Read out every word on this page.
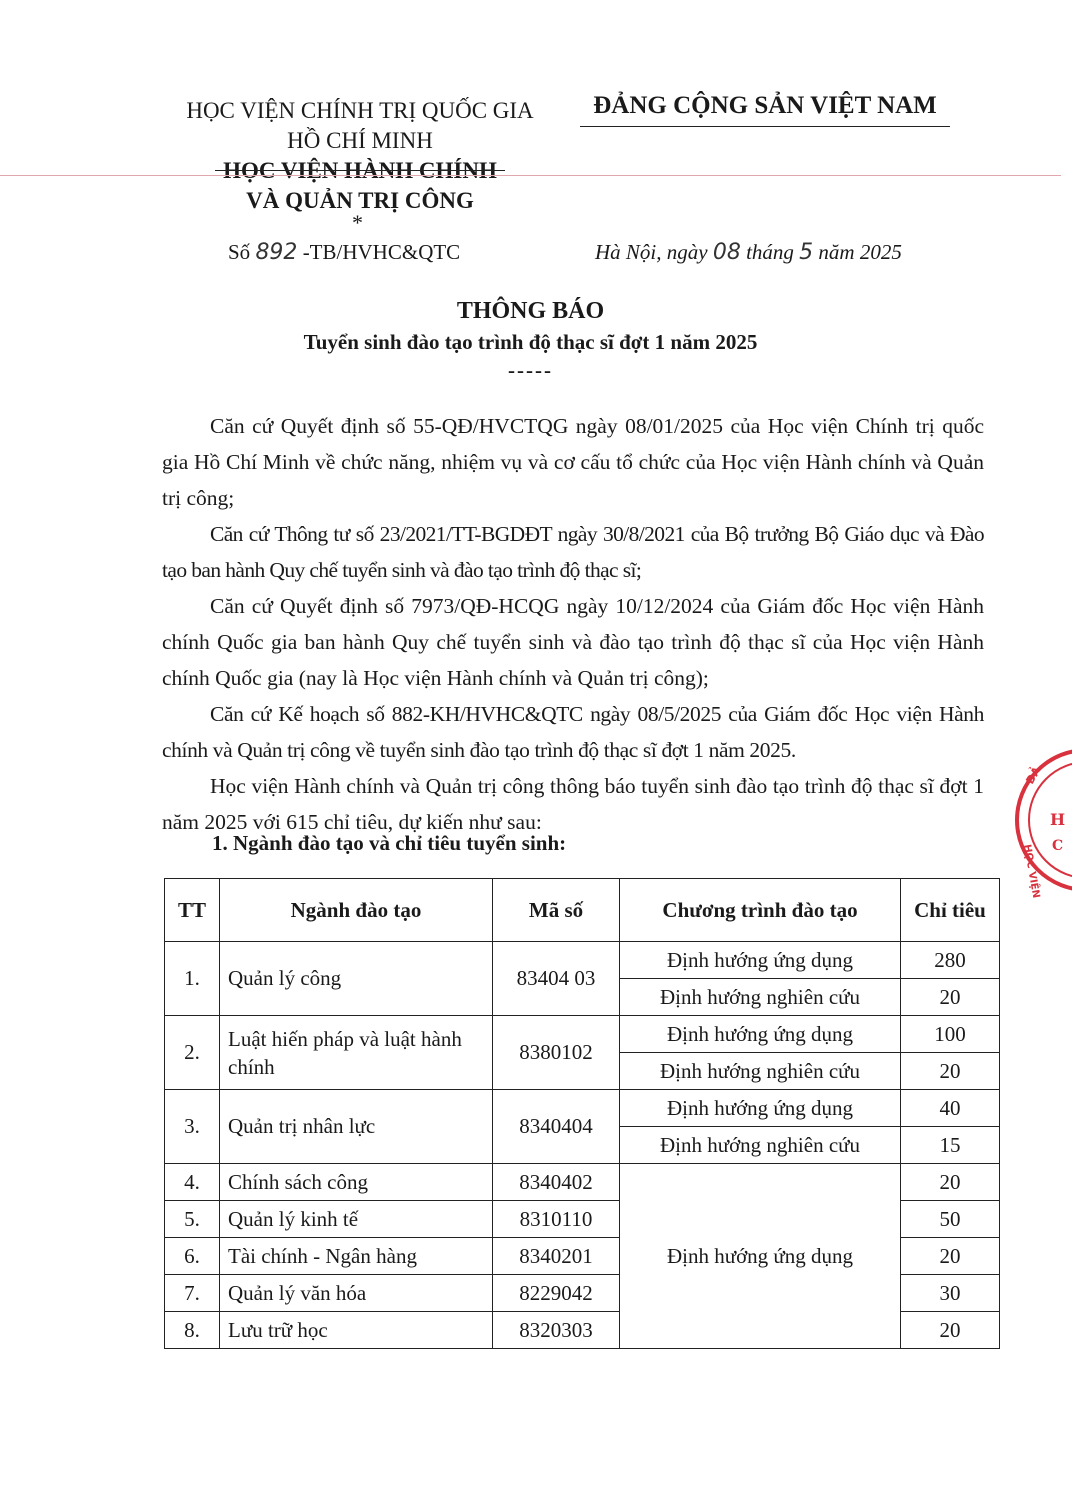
HỌC VIỆN CHÍNH TRỊ QUỐC GIA
HỒ CHÍ MINH
HỌC VIỆN HÀNH CHÍNH
VÀ QUẢN TRỊ CÔNG
*
ĐẢNG CỘNG SẢN VIỆT NAM
Số 892 -TB/HVHC&QTC	Hà Nội, ngày 08 tháng 5 năm 2025
THÔNG BÁO
Tuyển sinh đào tạo trình độ thạc sĩ đợt 1 năm 2025
-----

Căn cứ Quyết định số 55-QĐ/HVCTQG ngày 08/01/2025 của Học viện Chính trị quốc gia Hồ Chí Minh về chức năng, nhiệm vụ và cơ cấu tổ chức của Học viện Hành chính và Quản trị công;

Căn cứ Thông tư số 23/2021/TT-BGDĐT ngày 30/8/2021 của Bộ trưởng Bộ Giáo dục và Đào tạo ban hành Quy chế tuyển sinh và đào tạo trình độ thạc sĩ;

Căn cứ Quyết định số 7973/QĐ-HCQG ngày 10/12/2024 của Giám đốc Học viện Hành chính Quốc gia ban hành Quy chế tuyển sinh và đào tạo trình độ thạc sĩ của Học viện Hành chính Quốc gia (nay là Học viện Hành chính và Quản trị công);

Căn cứ Kế hoạch số 882-KH/HVHC&QTC ngày 08/5/2025 của Giám đốc Học viện Hành chính và Quản trị công về tuyển sinh đào tạo trình độ thạc sĩ đợt 1 năm 2025.

Học viện Hành chính và Quản trị công thông báo tuyển sinh đào tạo trình độ thạc sĩ đợt 1 năm 2025 với 615 chỉ tiêu, dự kiến như sau:

1. Ngành đào tạo và chỉ tiêu tuyển sinh:
TT	Ngành đào tạo	Mã số	Chương trình đào tạo	Chỉ tiêu
1.	Quản lý công	83404 03	Định hướng ứng dụng	280
			Định hướng nghiên cứu	20
2.	Luật hiến pháp và luật hành chính	8380102	Định hướng ứng dụng	100
			Định hướng nghiên cứu	20
3.	Quản trị nhân lực	8340404	Định hướng ứng dụng	40
			Định hướng nghiên cứu	15
4.	Chính sách công	8340402	Định hướng ứng dụng	20
5.	Quản lý kinh tế	8310110		50
6.	Tài chính - Ngân hàng	8340201		20
7.	Quản lý văn hóa	8229042		30
8.	Lưu trữ học	8320303		20
ĐẢ
HỌC VIỆN
H
C
